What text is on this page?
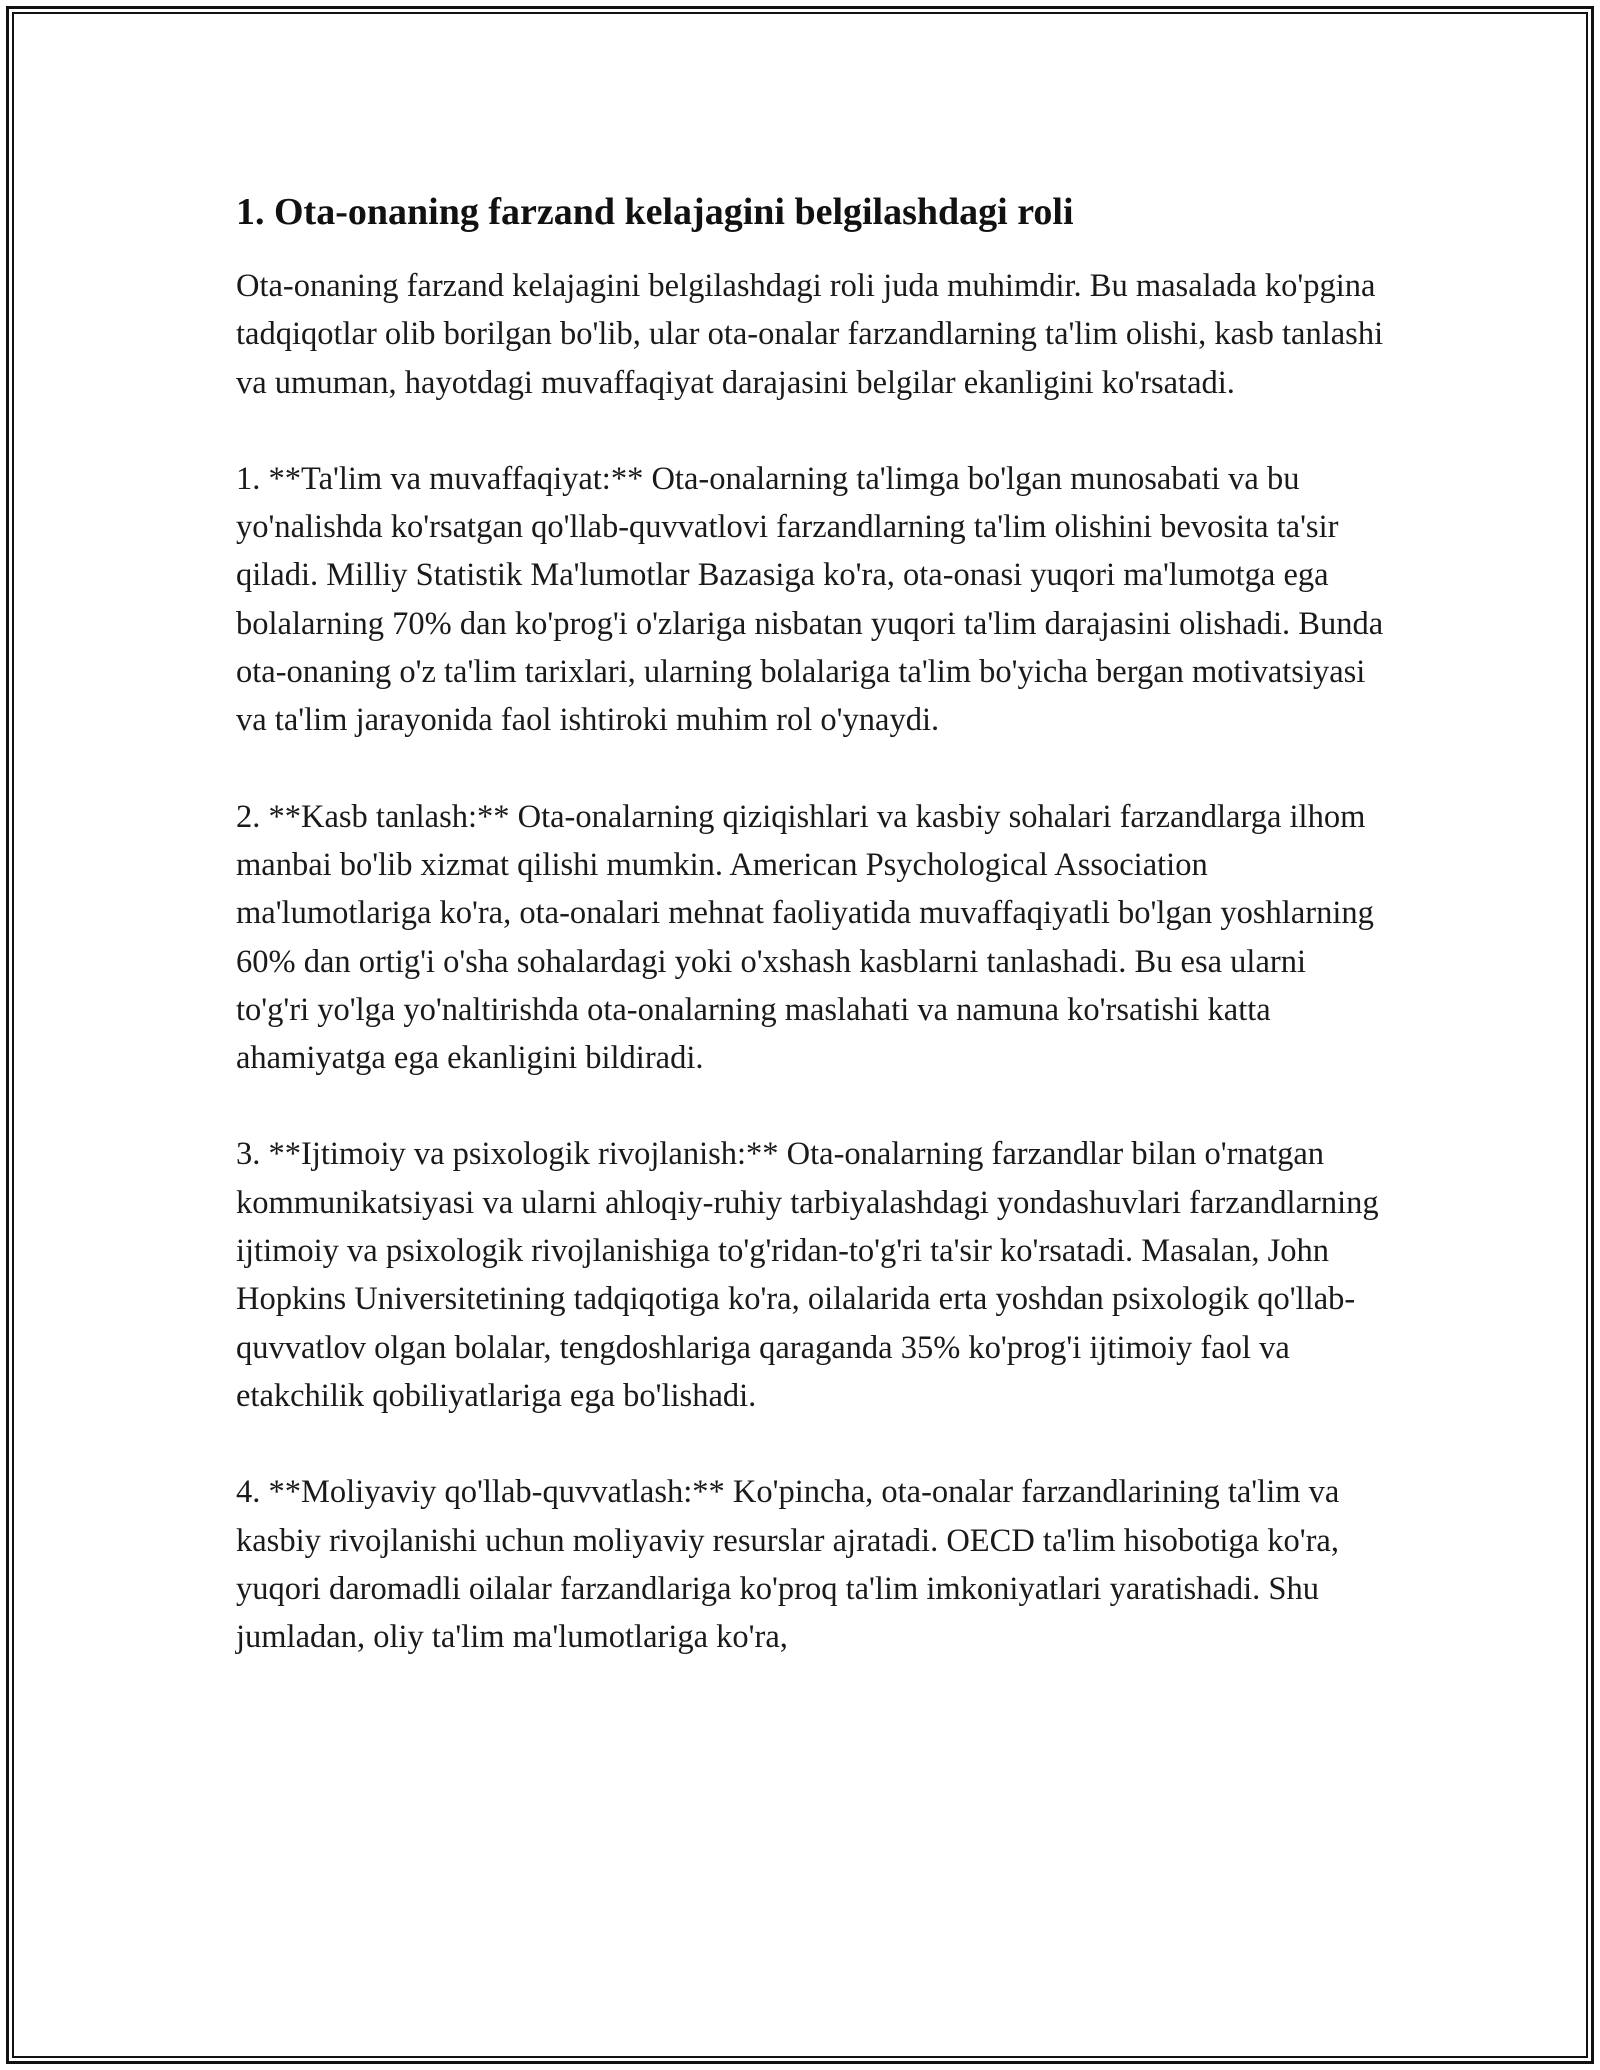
1. Ota-onaning farzand kelajagini belgilashdagi roli

Ota-onaning farzand kelajagini belgilashdagi roli juda muhimdir. Bu masalada ko'pgina tadqiqotlar olib borilgan bo'lib, ular ota-onalar farzandlarning ta'lim olishi, kasb tanlashi va umuman, hayotdagi muvaffaqiyat darajasini belgilar ekanligini ko'rsatadi.

1. **Ta'lim va muvaffaqiyat:** Ota-onalarning ta'limga bo'lgan munosabati va bu yo'nalishda ko'rsatgan qo'llab-quvvatlovi farzandlarning ta'lim olishini bevosita ta'sir qiladi. Milliy Statistik Ma'lumotlar Bazasiga ko'ra, ota-onasi yuqori ma'lumotga ega bolalarning 70% dan ko'prog'i o'zlariga nisbatan yuqori ta'lim darajasini olishadi. Bunda ota-onaning o'z ta'lim tarixlari, ularning bolalariga ta'lim bo'yicha bergan motivatsiyasi va ta'lim jarayonida faol ishtiroki muhim rol o'ynaydi.

2. **Kasb tanlash:** Ota-onalarning qiziqishlari va kasbiy sohalari farzandlarga ilhom manbai bo'lib xizmat qilishi mumkin. American Psychological Association ma'lumotlariga ko'ra, ota-onalari mehnat faoliyatida muvaffaqiyatli bo'lgan yoshlarning 60% dan ortig'i o'sha sohalardagi yoki o'xshash kasblarni tanlashadi. Bu esa ularni to'g'ri yo'lga yo'naltirishda ota-onalarning maslahati va namuna ko'rsatishi katta ahamiyatga ega ekanligini bildiradi.

3. **Ijtimoiy va psixologik rivojlanish:** Ota-onalarning farzandlar bilan o'rnatgan kommunikatsiyasi va ularni ahloqiy-ruhiy tarbiyalashdagi yondashuvlari farzandlarning ijtimoiy va psixologik rivojlanishiga to'g'ridan-to'g'ri ta'sir ko'rsatadi. Masalan, John Hopkins Universitetining tadqiqotiga ko'ra, oilalarida erta yoshdan psixologik qo'llab-quvvatlov olgan bolalar, tengdoshlariga qaraganda 35% ko'prog'i ijtimoiy faol va etakchilik qobiliyatlariga ega bo'lishadi.

4. **Moliyaviy qo'llab-quvvatlash:** Ko'pincha, ota-onalar farzandlarining ta'lim va kasbiy rivojlanishi uchun moliyaviy resurslar ajratadi. OECD ta'lim hisobotiga ko'ra, yuqori daromadli oilalar farzandlariga ko'proq ta'lim imkoniyatlari yaratishadi. Shu jumladan, oliy ta'lim ma'lumotlariga ko'ra,
